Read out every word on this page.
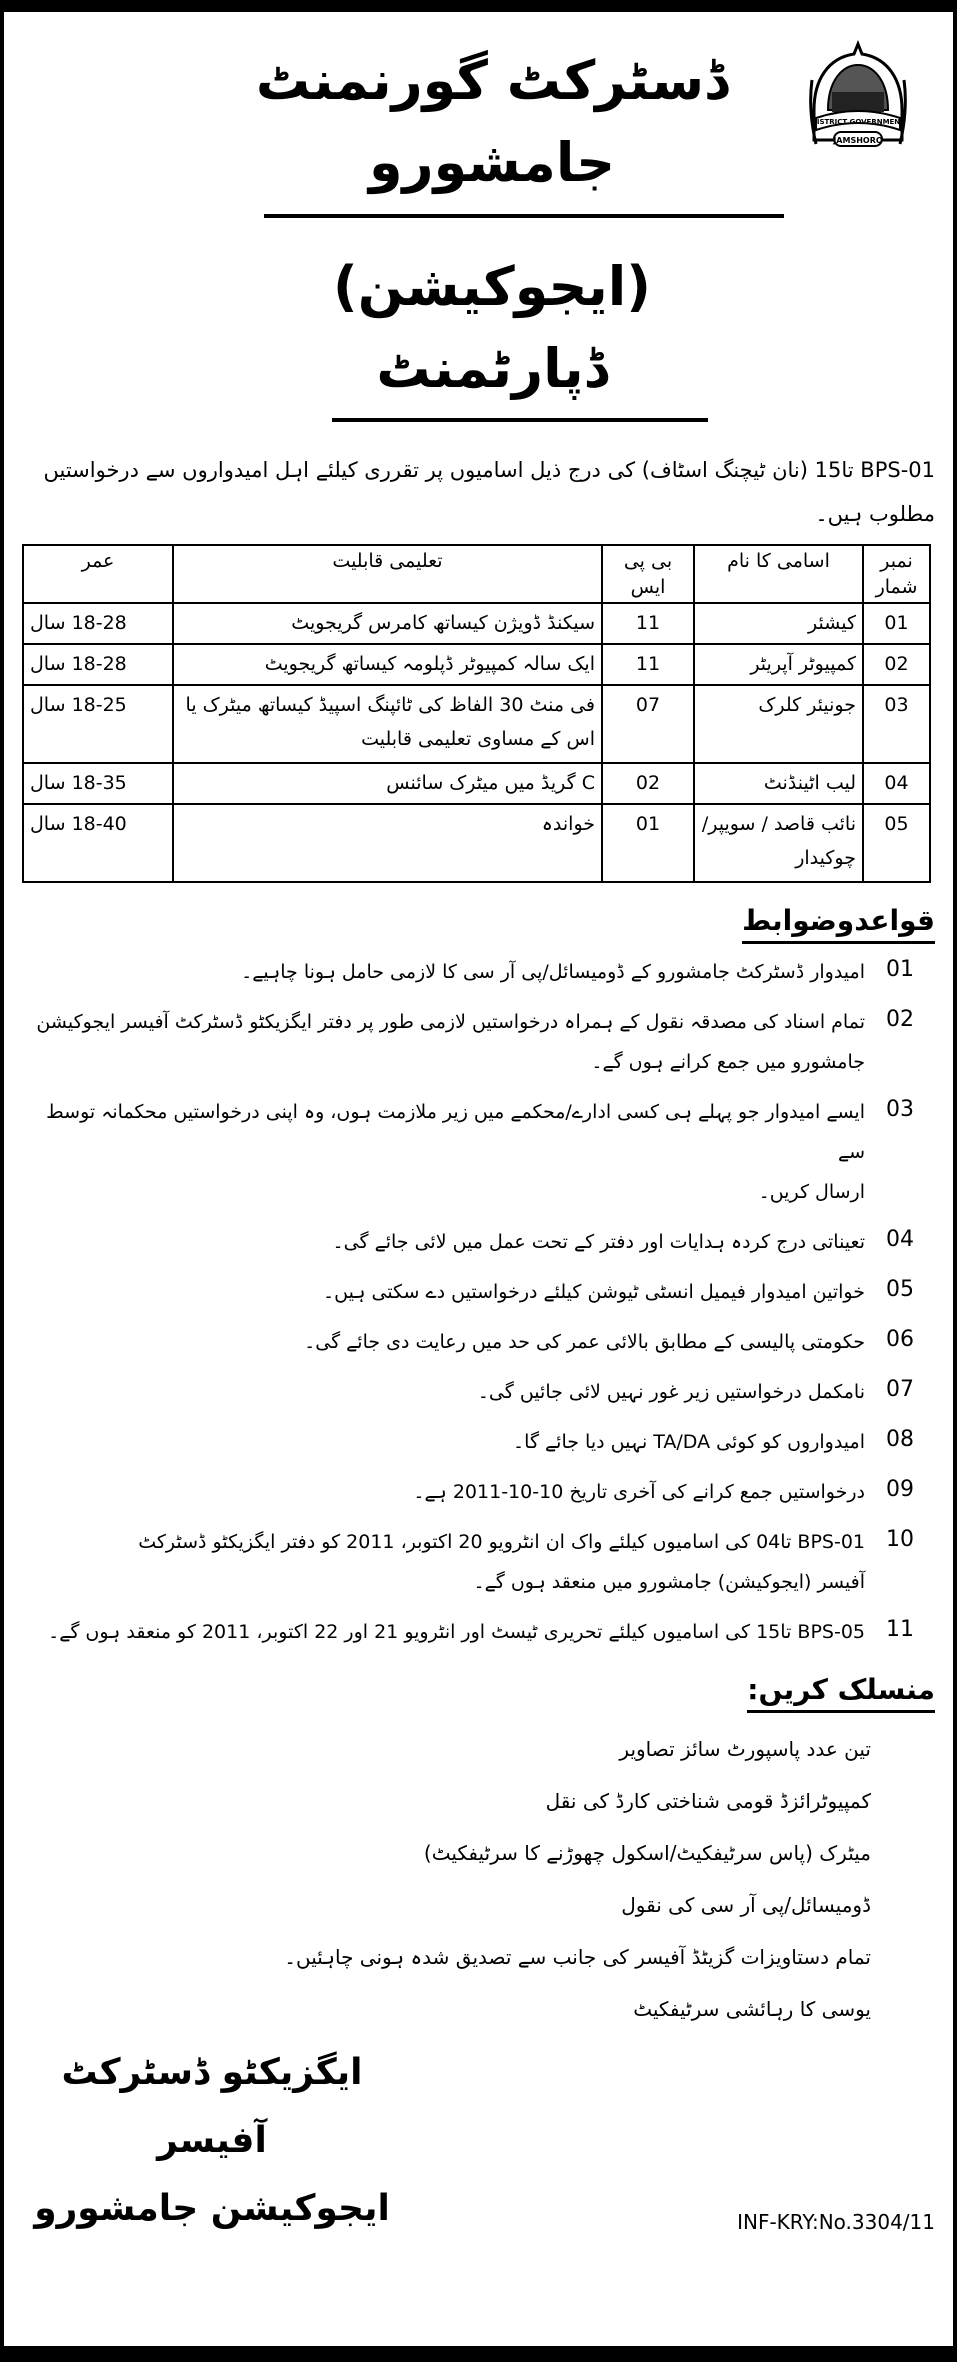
DISTRICT GOVERNMENT
JAMSHORO
ڈسٹرکٹ گورنمنٹ جامشورو
(ایجوکیشن) ڈپارٹمنٹ
BPS-01 تا15 (نان ٹیچنگ اسٹاف) کی درج ذیل اسامیوں پر تقرری کیلئے اہل امیدواروں سے درخواستیں
مطلوب ہیں۔
نمبر شمار	اسامی کا نام	بی پی ایس	تعلیمی قابلیت	عمر
01	کیشئر	11	سیکنڈ ڈویژن کیساتھ کامرس گریجویٹ	18-28 سال
02	کمپیوٹر آپریٹر	11	ایک سالہ کمپیوٹر ڈپلومہ کیساتھ گریجویٹ	18-28 سال
03	جونیئر کلرک	07	فی منٹ 30 الفاظ کی ٹائپنگ اسپیڈ کیساتھ میٹرک یا اس کے مساوی تعلیمی قابلیت	18-25 سال
04	لیب اٹینڈنٹ	02	C گریڈ میں میٹرک سائنس	18-35 سال
05	نائب قاصد / سویپر/چوکیدار	01	خواندہ	18-40 سال
قواعدوضوابط
01
امیدوار ڈسٹرکٹ جامشورو کے ڈومیسائل/پی آر سی کا لازمی حامل ہونا چاہیے۔
02
تمام اسناد کی مصدقہ نقول کے ہمراہ درخواستیں لازمی طور پر دفتر ایگزیکٹو ڈسٹرکٹ آفیسر ایجوکیشن
جامشورو میں جمع کرانے ہوں گے۔
03
ایسے امیدوار جو پہلے ہی کسی ادارے/محکمے میں زیر ملازمت ہوں، وہ اپنی درخواستیں محکمانہ توسط سے
ارسال کریں۔
04
تعیناتی درج کردہ ہدایات اور دفتر کے تحت عمل میں لائی جائے گی۔
05
خواتین امیدوار فیمیل انسٹی ٹیوشن کیلئے درخواستیں دے سکتی ہیں۔
06
حکومتی پالیسی کے مطابق بالائی عمر کی حد میں رعایت دی جائے گی۔
07
نامکمل درخواستیں زیر غور نہیں لائی جائیں گی۔
08
امیدواروں کو کوئی TA/DA نہیں دیا جائے گا۔
09
درخواستیں جمع کرانے کی آخری تاریخ 10-10-2011 ہے۔
10
BPS-01 تا04 کی اسامیوں کیلئے واک ان انٹرویو 20 اکتوبر، 2011 کو دفتر ایگزیکٹو ڈسٹرکٹ
آفیسر (ایجوکیشن) جامشورو میں منعقد ہوں گے۔
11
BPS-05 تا15 کی اسامیوں کیلئے تحریری ٹیسٹ اور انٹرویو 21 اور 22 اکتوبر، 2011 کو منعقد ہوں گے۔
منسلک کریں:
تین عدد پاسپورٹ سائز تصاویر
کمپیوٹرائزڈ قومی شناختی کارڈ کی نقل
میٹرک (پاس سرٹیفکیٹ/اسکول چھوڑنے کا سرٹیفکیٹ)
ڈومیسائل/پی آر سی کی نقول
تمام دستاویزات گزیٹڈ آفیسر کی جانب سے تصدیق شدہ ہونی چاہئیں۔
یوسی کا رہائشی سرٹیفکیٹ
ایگزیکٹو ڈسٹرکٹ آفیسر
ایجوکیشن جامشورو	INF-KRY:No.3304/11
